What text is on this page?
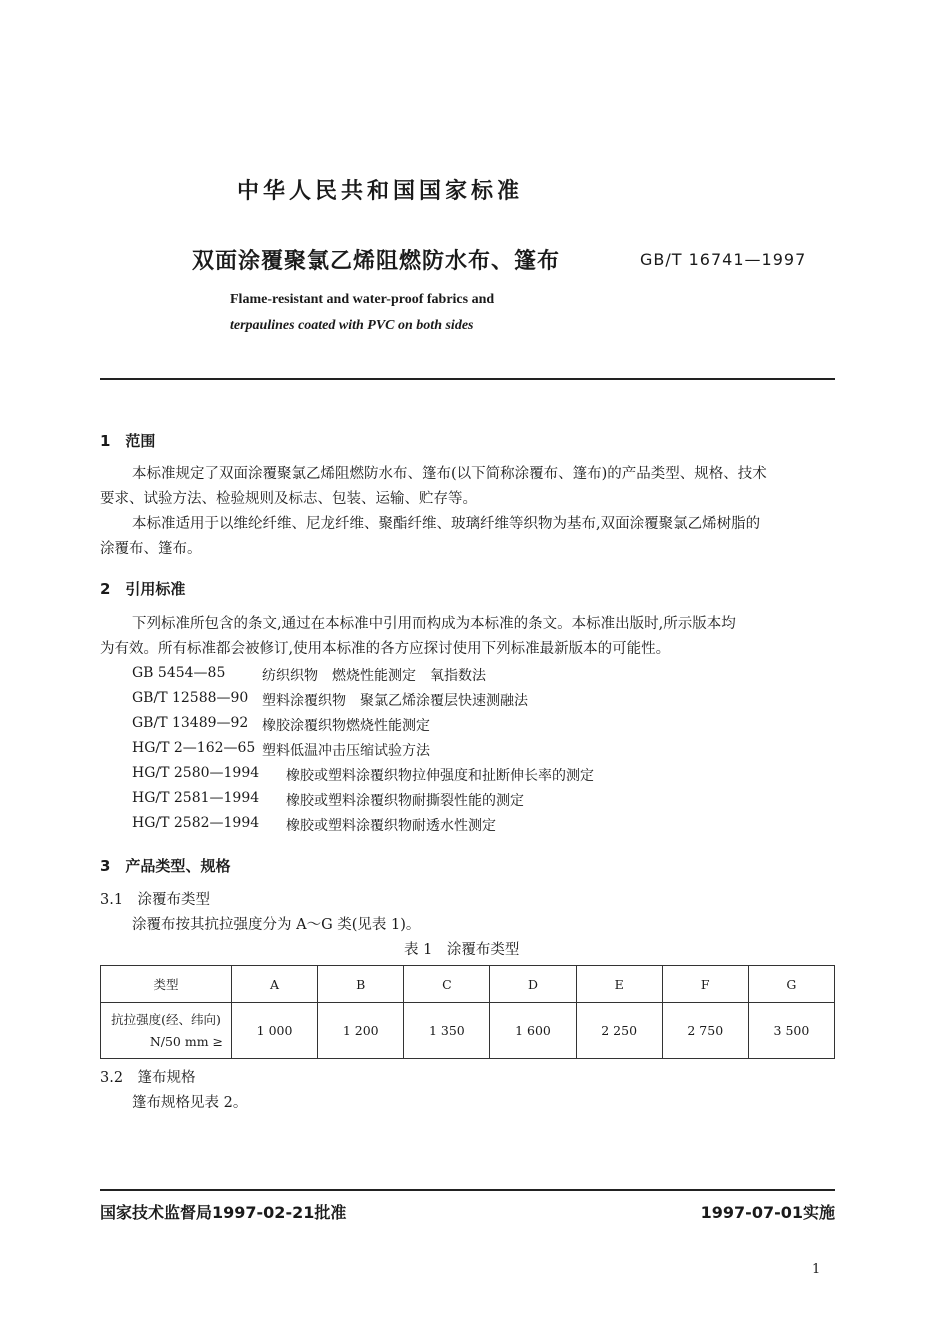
中华人民共和国国家标准
双面涂覆聚氯乙烯阻燃防水布、篷布	GB/T 16741—1997
Flame-resistant and water-proof fabrics and
terpaulines coated with PVC on both sides
1　范围
本标准规定了双面涂覆聚氯乙烯阻燃防水布、篷布(以下简称涂覆布、篷布)的产品类型、规格、技术
要求、试验方法、检验规则及标志、包装、运输、贮存等。
本标准适用于以维纶纤维、尼龙纤维、聚酯纤维、玻璃纤维等织物为基布,双面涂覆聚氯乙烯树脂的
涂覆布、篷布。
2　引用标准
下列标准所包含的条文,通过在本标准中引用而构成为本标准的条文。本标准出版时,所示版本均
为有效。所有标准都会被修订,使用本标准的各方应探讨使用下列标准最新版本的可能性。
GB 5454—85	纺织织物　燃烧性能测定　氧指数法
GB/T 12588—90 塑料涂覆织物　聚氯乙烯涂覆层快速测融法
GB/T 13489—92 橡胶涂覆织物燃烧性能测定
HG/T 2—162—65 塑料低温冲击压缩试验方法
HG/T 2580—1994 橡胶或塑料涂覆织物拉伸强度和扯断伸长率的测定
HG/T 2581—1994 橡胶或塑料涂覆织物耐撕裂性能的测定
HG/T 2582—1994 橡胶或塑料涂覆织物耐透水性测定
3　产品类型、规格
3.1　涂覆布类型
涂覆布按其抗拉强度分为 A～G 类(见表 1)。
表 1　涂覆布类型
类型	A	B	C	D	E	F	G

抗拉强度(经、纬向)
N/50 mm ≥	1 000	1 200	1 350	1 600	2 250	2 750	3 500
3.2　篷布规格
篷布规格见表 2。
国家技术监督局1997-02-21批准	1997-07-01实施
1
